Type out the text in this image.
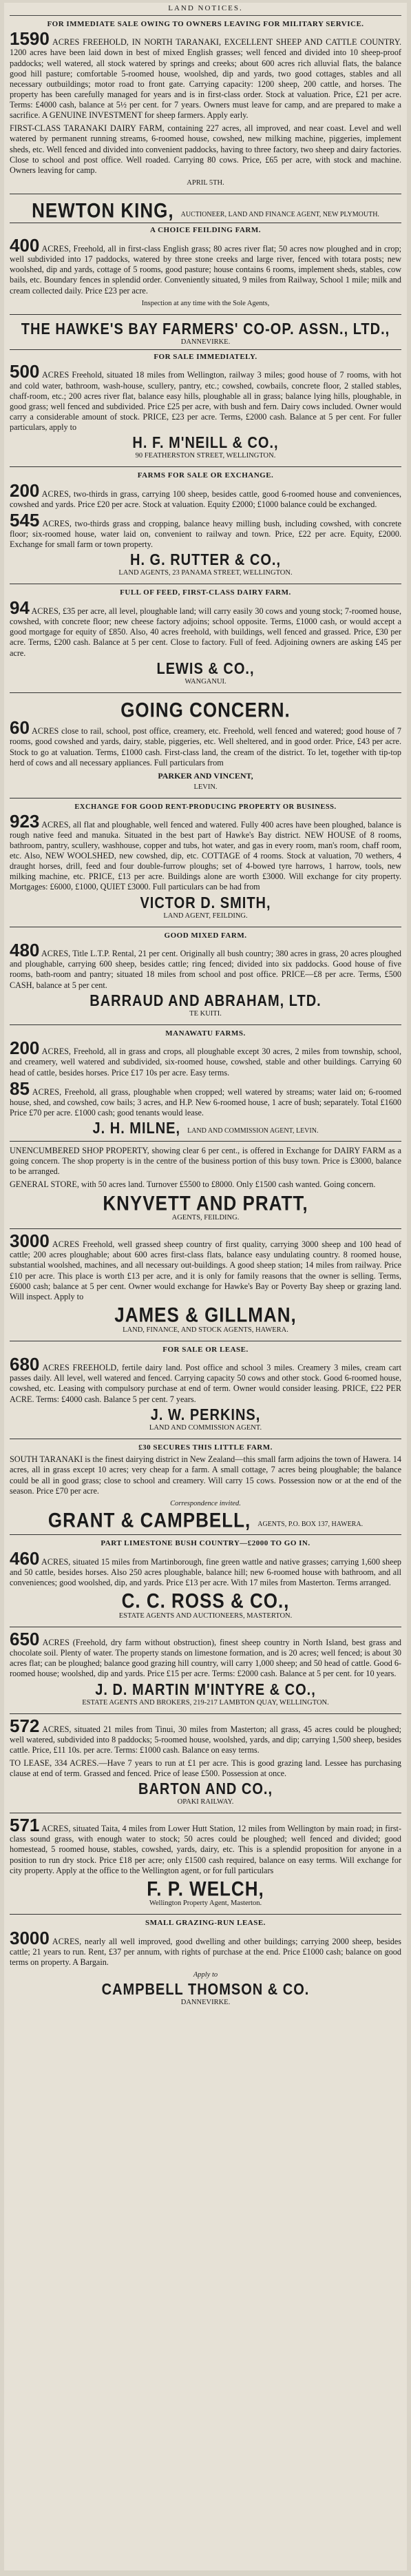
LAND NOTICES.
FOR IMMEDIATE SALE OWING TO OWNERS LEAVING FOR MILITARY SERVICE.
1590 ACRES FREEHOLD, IN NORTH TARANAKI, EXCELLENT SHEEP AND CATTLE COUNTRY. 1200 acres have been laid down in best of mixed English grasses; well fenced and divided into 10 sheep-proof paddocks; well watered, all stock watered by springs and creeks; about 600 acres rich alluvial flats, the balance good hill pasture; comfortable 5-roomed house, woolshed, dip and yards, two good cottages, stables and all necessary outbuildings; motor road to front gate. Carrying capacity: 1200 sheep, 200 cattle, and horses. The property has been carefully managed for years and is in first-class order. Stock at valuation. Price, £21 per acre. Terms: £4000 cash, balance at 5½ per cent. for 7 years. Owners must leave for camp, and are prepared to make a sacrifice. A GENUINE INVESTMENT for sheep farmers. Apply early.
FIRST-CLASS TARANAKI DAIRY FARM, containing 227 acres, all improved, and near coast. Level and well watered by permanent running streams, 6-roomed house, cowshed, new milking machine, piggeries, implement sheds, etc. Well fenced and divided into convenient paddocks, having to three factory, two sheep and dairy factories. Close to school and post office. Well roaded. Carrying 80 cows. Price, £65 per acre, with stock and machine. Owners leaving for camp.
APRIL 5TH.
NEWTON KING, AUCTIONEER, LAND AND FINANCE AGENT, NEW PLYMOUTH.
A CHOICE FEILDING FARM.
400 ACRES, Freehold, all in first-class English grass; 80 acres river flat; 50 acres now ploughed and in crop; well subdivided into 17 paddocks, watered by three stone creeks and large river, fenced with totara posts; new woolshed, dip and yards, cottage of 5 rooms, good pasture; house contains 6 rooms, implement sheds, stables, cow bails, etc. Boundary fences in splendid order. Conveniently situated, 9 miles from Railway, School 1 mile; milk and cream collected daily. Price £23 per acre.
Inspection at any time with the Sole Agents,
THE HAWKE'S BAY FARMERS' CO-OP. ASSN., LTD.,
DANNEVIRKE.
FOR SALE IMMEDIATELY.
500 ACRES Freehold, situated 18 miles from Wellington, railway 3 miles; good house of 7 rooms, with hot and cold water, bathroom, wash-house, scullery, pantry, etc.; cowshed, cowbails, concrete floor, 2 stalled stables, chaff-room, etc.; 200 acres river flat, balance easy hills, ploughable all in grass; balance lying hills, ploughable, in good grass; well fenced and subdivided. Price £25 per acre, with bush and fern. Dairy cows included. Owner would carry a considerable amount of stock. PRICE, £23 per acre. Terms, £2000 cash. Balance at 5 per cent. For fuller particulars, apply to
H. F. M'NEILL & CO.,
90 FEATHERSTON STREET, WELLINGTON.
FARMS FOR SALE OR EXCHANGE.
200 ACRES, two-thirds in grass, carrying 100 sheep, besides cattle, good 6-roomed house and conveniences, cowshed and yards. Price £20 per acre. Stock at valuation. Equity £2000; £1000 balance could be exchanged.
545 ACRES, two-thirds grass and cropping, balance heavy milling bush, including cowshed, with concrete floor; six-roomed house, water laid on, convenient to railway and town. Price, £22 per acre. Equity, £2000. Exchange for small farm or town property.
H. G. RUTTER & CO.,
LAND AGENTS, 23 PANAMA STREET, WELLINGTON.
FULL OF FEED, FIRST-CLASS DAIRY FARM.
94 ACRES, £35 per acre, all level, ploughable land; will carry easily 30 cows and young stock; 7-roomed house, cowshed, with concrete floor; new cheese factory adjoins; school opposite. Terms, £1000 cash, or would accept a good mortgage for equity of £850. Also, 40 acres freehold, with buildings, well fenced and grassed. Price, £30 per acre. Terms, £200 cash. Balance at 5 per cent. Close to factory. Full of feed. Adjoining owners are asking £45 per acre.
LEWIS & CO.,
WANGANUI.
GOING CONCERN.
60 ACRES close to rail, school, post office, creamery, etc. Freehold, well fenced and watered; good house of 7 rooms, good cowshed and yards, dairy, stable, piggeries, etc. Well sheltered, and in good order. Price, £43 per acre. Stock to go at valuation. Terms, £1000 cash. First-class land, the cream of the district. To let, together with tip-top herd of cows and all necessary appliances. Full particulars from
PARKER AND VINCENT,
LEVIN.
EXCHANGE FOR GOOD RENT-PRODUCING PROPERTY OR BUSINESS.
923 ACRES, all flat and ploughable, well fenced and watered. Fully 400 acres have been ploughed, balance is rough native feed and manuka. Situated in the best part of Hawke's Bay district. NEW HOUSE of 8 rooms, bathroom, pantry, scullery, washhouse, copper and tubs, hot water, and gas in every room, man's room, chaff room, etc. Also, NEW WOOLSHED, new cowshed, dip, etc. COTTAGE of 4 rooms. Stock at valuation, 70 wethers, 4 draught horses, drill, feed and four double-furrow ploughs; set of 4-bowed tyre harrows, 1 harrow, tools, new milking machine, etc. PRICE, £13 per acre. Buildings alone are worth £3000. Will exchange for city property. Mortgages: £6000, £1000, QUIET £3000. Full particulars can be had from
VICTOR D. SMITH,
LAND AGENT, FEILDING.
GOOD MIXED FARM.
480 ACRES, Title L.T.P. Rental, 21 per cent. Originally all bush country; 380 acres in grass, 20 acres ploughed and ploughable, carrying 600 sheep, besides cattle; ring fenced; divided into six paddocks. Good house of five rooms, bath-room and pantry; situated 18 miles from school and post office. PRICE—£8 per acre. Terms, £500 CASH, balance at 5 per cent.
BARRAUD AND ABRAHAM, LTD.
TE KUITI.
MANAWATU FARMS.
200 ACRES, Freehold, all in grass and crops, all ploughable except 30 acres, 2 miles from township, school, and creamery, well watered and subdivided, six-roomed house, cowshed, stable and other buildings. Carrying 60 head of cattle, besides horses. Price £17 10s per acre. Easy terms.
85 ACRES, Freehold, all grass, ploughable when cropped; well watered by streams; water laid on; 6-roomed house, shed, and cowshed, cow bails; 3 acres, and H.P. New 6-roomed house, 1 acre of bush; separately. Total £1600 Price £70 per acre. £1000 cash; good tenants would lease.
J. H. MILNE, LAND AND COMMISSION AGENT, LEVIN.
UNENCUMBERED SHOP PROPERTY, showing clear 6 per cent., is offered in Exchange for DAIRY FARM as a going concern. The shop property is in the centre of the business portion of this busy town. Price is £3000, balance to be arranged.
GENERAL STORE, with 50 acres land. Turnover £5500 to £8000. Only £1500 cash wanted. Going concern.
KNYVETT AND PRATT,
AGENTS, FEILDING.
3000 ACRES Freehold, well grassed sheep country of first quality, carrying 3000 sheep and 100 head of cattle; 200 acres ploughable; about 600 acres first-class flats, balance easy undulating country. 8 roomed house, substantial woolshed, machines, and all necessary out-buildings. A good sheep station; 14 miles from railway. Price £10 per acre. This place is worth £13 per acre, and it is only for family reasons that the owner is selling. Terms, £6000 cash; balance at 5 per cent. Owner would exchange for Hawke's Bay or Poverty Bay sheep or grazing land. Will inspect. Apply to
JAMES & GILLMAN,
LAND, FINANCE, AND STOCK AGENTS, HAWERA.
FOR SALE OR LEASE.
680 ACRES FREEHOLD, fertile dairy land. Post office and school 3 miles. Creamery 3 miles, cream cart passes daily. All level, well watered and fenced. Carrying capacity 50 cows and other stock. Good 6-roomed house, cowshed, etc. Leasing with compulsory purchase at end of term. Owner would consider leasing. PRICE, £22 PER ACRE. Terms: £4000 cash. Balance 5 per cent. 7 years.
J. W. PERKINS,
LAND AND COMMISSION AGENT.
£30 SECURES THIS LITTLE FARM.
SOUTH TARANAKI is the finest dairying district in New Zealand—this small farm adjoins the town of Hawera. 14 acres, all in grass except 10 acres; very cheap for a farm. A small cottage, 7 acres being ploughable; the balance could be all in good grass; close to school and creamery. Will carry 15 cows. Possession now or at the end of the season. Price £70 per acre.
Correspondence invited.
GRANT & CAMPBELL, AGENTS, P.O. BOX 137, HAWERA.
PART LIMESTONE BUSH COUNTRY—£2000 TO GO IN.
460 ACRES, situated 15 miles from Martinborough, fine green wattle and native grasses; carrying 1,600 sheep and 50 cattle, besides horses. Also 250 acres ploughable, balance hill; new 6-roomed house with bathroom, and all conveniences; good woolshed, dip, and yards. Price £13 per acre. With 17 miles from Masterton. Terms arranged.
C. C. ROSS & CO.,
ESTATE AGENTS AND AUCTIONEERS, MASTERTON.
650 ACRES (Freehold, dry farm without obstruction), finest sheep country in North Island, best grass and chocolate soil. Plenty of water. The property stands on limestone formation, and is 20 acres; well fenced; is about 30 acres flat; can be ploughed; balance good grazing hill country, will carry 1,000 sheep; and 50 head of cattle. Good 6-roomed house; woolshed, dip and yards. Price £15 per acre. Terms: £2000 cash. Balance at 5 per cent. for 10 years.
J. D. MARTIN M'INTYRE & CO.,
ESTATE AGENTS AND BROKERS, 219-217 LAMBTON QUAY, WELLINGTON.
572 ACRES, situated 21 miles from Tinui, 30 miles from Masterton; all grass, 45 acres could be ploughed; well watered, subdivided into 8 paddocks; 5-roomed house, woolshed, yards, and dip; carrying 1,500 sheep, besides cattle. Price, £11 10s. per acre. Terms: £1000 cash. Balance on easy terms.
TO LEASE, 334 ACRES.—Have 7 years to run at £1 per acre. This is good grazing land. Lessee has purchasing clause at end of term. Grassed and fenced. Price of lease £500. Possession at once.
BARTON AND CO.,
OPAKI RAILWAY.
571 ACRES, situated Taita, 4 miles from Lower Hutt Station, 12 miles from Wellington by main road; in first-class sound grass, with enough water to stock; 50 acres could be ploughed; well fenced and divided; good homestead, 5 roomed house, stables, cowshed, yards, dairy, etc. This is a splendid proposition for anyone in a position to run dry stock. Price £18 per acre; only £1500 cash required, balance on easy terms. Will exchange for city property. Apply at the office to the Wellington agent, or for full particulars
F. P. WELCH,
Wellington Property Agent, Masterton.
SMALL GRAZING-RUN LEASE.
3000 ACRES, nearly all well improved, good dwelling and other buildings; carrying 2000 sheep, besides cattle; 21 years to run. Rent, £37 per annum, with rights of purchase at the end. Price £1000 cash; balance on good terms on property. A Bargain.
Apply to
CAMPBELL THOMSON & CO.
DANNEVIRKE.
